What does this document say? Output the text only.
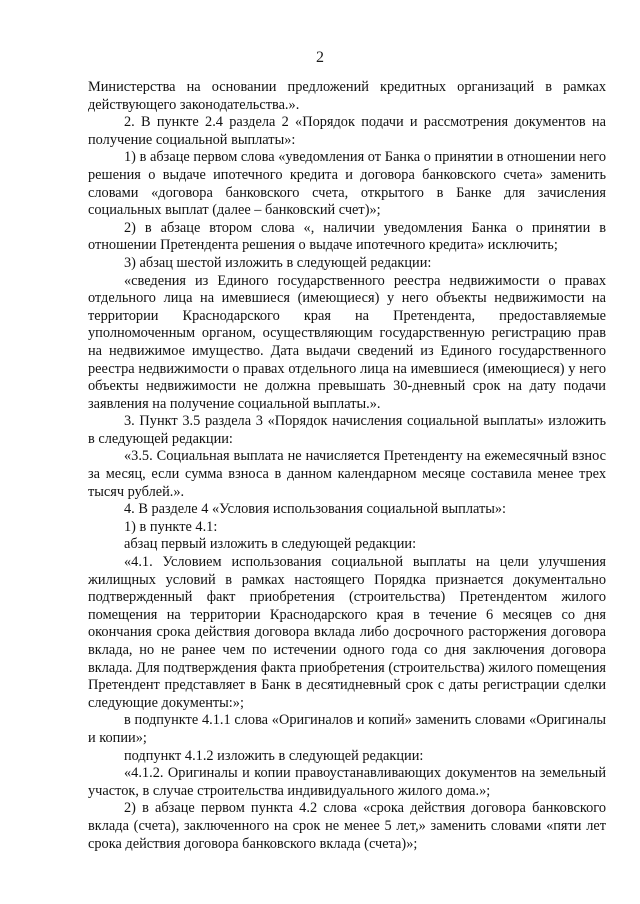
2

Министерства на основании предложений кредитных организаций в рамках действующего законодательства.».

2. В пункте 2.4 раздела 2 «Порядок подачи и рассмотрения документов на получение социальной выплаты»:

1) в абзаце первом слова «уведомления от Банка о принятии в отношении него решения о выдаче ипотечного кредита и договора банковского счета» заменить словами «договора банковского счета, открытого в Банке для зачисления социальных выплат (далее – банковский счет)»;

2) в абзаце втором слова «, наличии уведомления Банка о принятии в отношении Претендента решения о выдаче ипотечного кредита» исключить;

3) абзац шестой изложить в следующей редакции:

«сведения из Единого государственного реестра недвижимости о правах отдельного лица на имевшиеся (имеющиеся) у него объекты недвижимости на территории Краснодарского края на Претендента, предоставляемые уполномоченным органом, осуществляющим государственную регистрацию прав на недвижимое имущество. Дата выдачи сведений из Единого государственного реестра недвижимости о правах отдельного лица на имевшиеся (имеющиеся) у него объекты недвижимости не должна превышать 30-дневный срок на дату подачи заявления на получение социальной выплаты.».

3. Пункт 3.5 раздела 3 «Порядок начисления социальной выплаты» изложить в следующей редакции:

«3.5. Социальная выплата не начисляется Претенденту на ежемесячный взнос за месяц, если сумма взноса в данном календарном месяце составила менее трех тысяч рублей.».

4. В разделе 4 «Условия использования социальной выплаты»:

1) в пункте 4.1:

абзац первый изложить в следующей редакции:

«4.1. Условием использования социальной выплаты на цели улучшения жилищных условий в рамках настоящего Порядка признается документально подтвержденный факт приобретения (строительства) Претендентом жилого помещения на территории Краснодарского края в течение 6 месяцев со дня окончания срока действия договора вклада либо досрочного расторжения договора вклада, но не ранее чем по истечении одного года со дня заключения договора вклада. Для подтверждения факта приобретения (строительства) жилого помещения Претендент представляет в Банк в десятидневный срок с даты регистрации сделки следующие документы:»;

в подпункте 4.1.1 слова «Оригиналов и копий» заменить словами «Оригиналы и копии»;

подпункт 4.1.2 изложить в следующей редакции:

«4.1.2. Оригиналы и копии правоустанавливающих документов на земельный участок, в случае строительства индивидуального жилого дома.»;

2) в абзаце первом пункта 4.2 слова «срока действия договора банковского вклада (счета), заключенного на срок не менее 5 лет,» заменить словами «пяти лет срока действия договора банковского вклада (счета)»;
